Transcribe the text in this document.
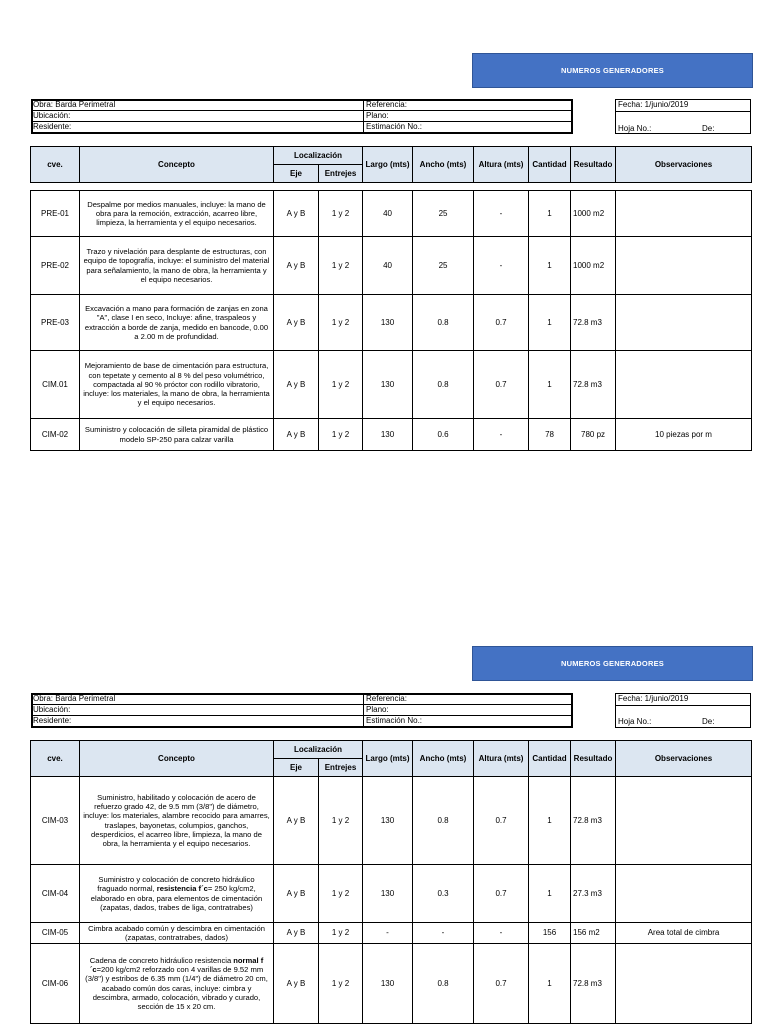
NUMEROS GENERADORES
Obra: Barda Perimetral
Ubicación:
Residente:
Referencia:
Plano:
Estimación No.:
Fecha: 1/junio/2019
Hoja No.:	De:
cve.	Concepto	Localización		Largo (mts)	Ancho (mts)	Altura (mts)	Cantidad	Resultado	Observaciones
		Eje	Entrejes						

PRE-01	Despalme por medios manuales, incluye: la mano de obra para la remoción, extracción, acarreo libre, limpieza, la herramienta y el equipo necesarios.	A y B	1 y 2	40	25	-	1	1000 m2	
PRE-02	Trazo y nivelación para desplante de estructuras, con equipo de topografía, incluye: el suministro del material para señalamiento, la mano de obra, la herramienta y el equipo necesarios.	A y B	1 y 2	40	25	-	1	1000 m2	
PRE-03	Excavación a mano para formación de zanjas en zona "A", clase I en seco, Incluye: afine, traspaleos y extracción a borde de zanja, medido en bancode, 0.00 a 2.00 m de profundidad.	A y B	1 y 2	130	0.8	0.7	1	72.8 m3	
CIM.01	Mejoramiento de base de cimentación para estructura, con tepetate y cemento al 8 % del peso volumétrico, compactada al 90 % próctor con rodillo vibratorio, incluye: los materiales, la mano de obra, la herramienta y el equipo necesarios.	A y B	1 y 2	130	0.8	0.7	1	72.8 m3	
CIM-02	Suministro y colocación de silleta piramidal de plástico modelo SP-250 para calzar varilla	A y B	1 y 2	130	0.6	-	78	780 pz	10 piezas por m
NUMEROS GENERADORES
Obra: Barda Perimetral
Ubicación:
Residente:
Referencia:
Plano:
Estimación No.:
Fecha: 1/junio/2019
Hoja No.:	De:
cve.	Concepto	Localización		Largo (mts)	Ancho (mts)	Altura (mts)	Cantidad	Resultado	Observaciones
		Eje	Entrejes						
CIM-03	Suministro, habilitado y colocación de acero de refuerzo grado 42, de 9.5 mm (3/8") de diámetro, incluye: los materiales, alambre recocido para amarres, traslapes, bayonetas, columpios, ganchos, desperdicios, el acarreo libre, limpieza, la mano de obra, la herramienta y el equipo necesarios.	A y B	1 y 2	130	0.8	0.7	1	72.8 m3	
CIM-04	Suministro y colocación de concreto hidráulico fraguado normal, resistencia f´c= 250 kg/cm2, elaborado en obra, para elementos de cimentación (zapatas, dados, trabes de liga, contratrabes)	A y B	1 y 2	130	0.3	0.7	1	27.3 m3	
CIM-05	Cimbra acabado común y descimbra en cimentación (zapatas, contratrabes, dados)	A y B	1 y 2	-	-	-	156	156 m2	Area total de cimbra
CIM-06	Cadena de concreto hidráulico resistencia normal f´c=200 kg/cm2 reforzado con 4 varillas de 9.52 mm (3/8") y estribos de 6.35 mm (1/4") de diámetro 20 cm, acabado común dos caras, incluye: cimbra y descimbra, armado, colocación, vibrado y curado, sección de 15 x 20 cm.	A y B	1 y 2	130	0.8	0.7	1	72.8 m3	
